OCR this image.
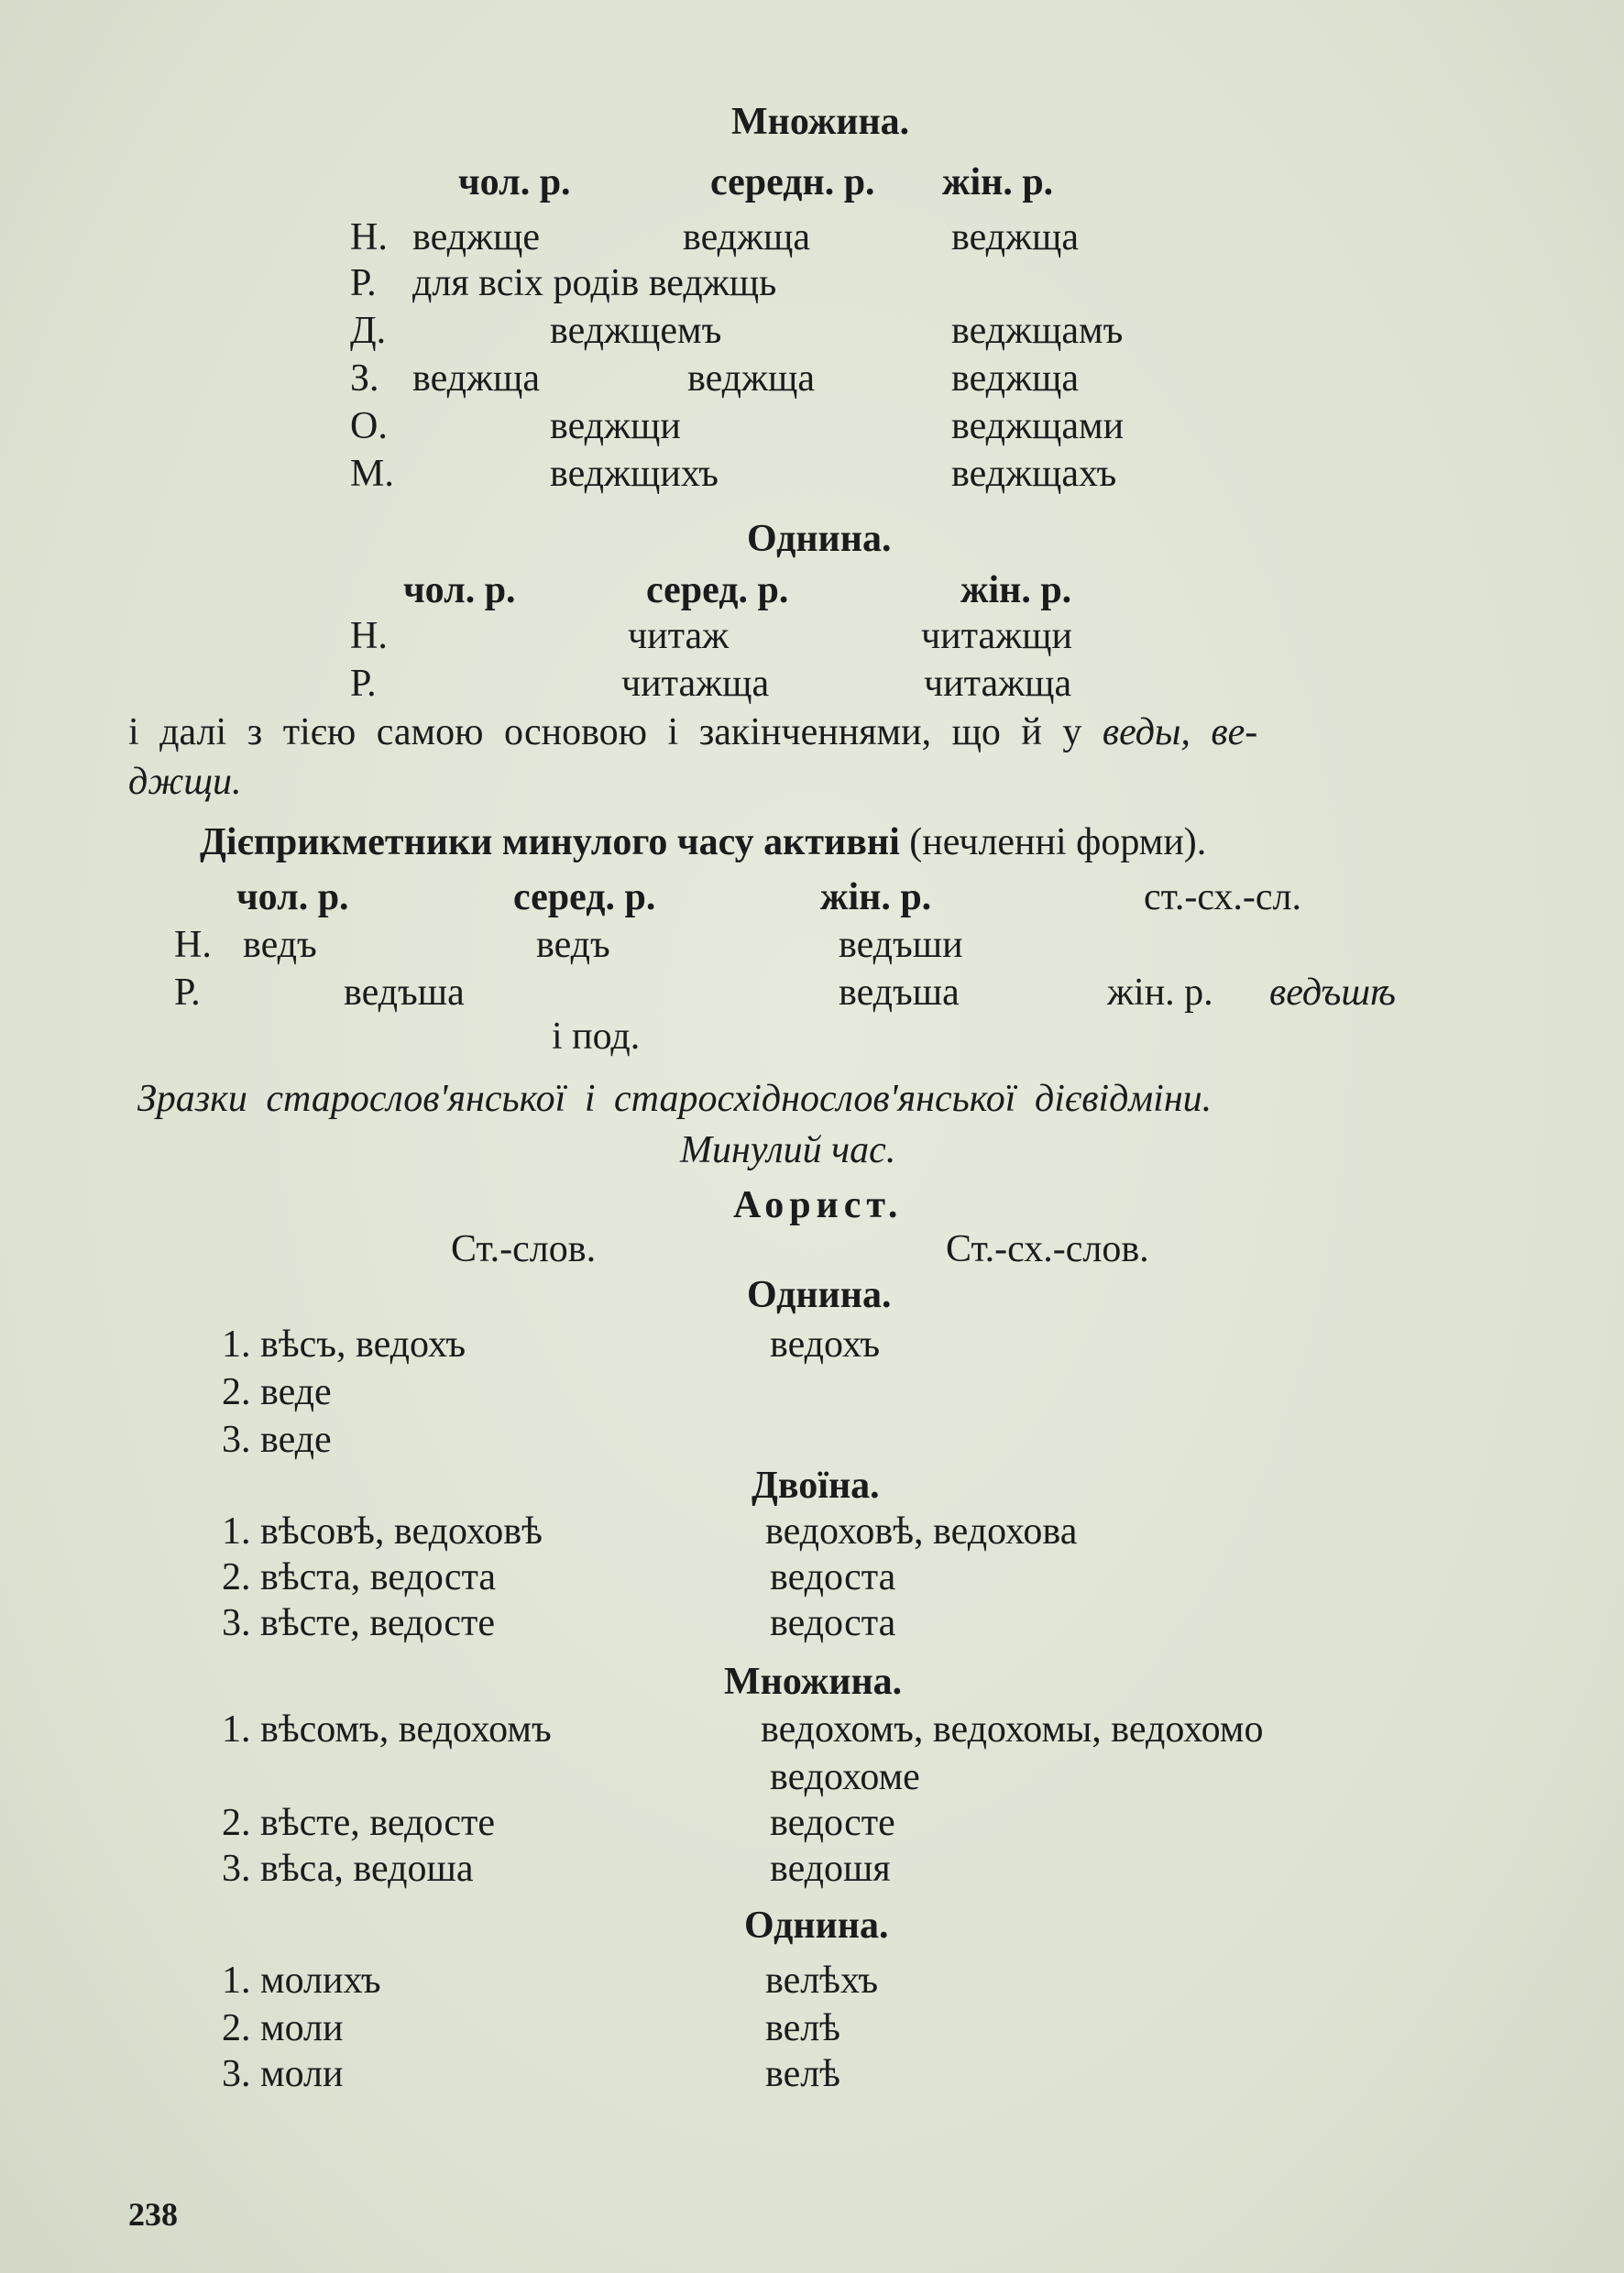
Множина.
чол. р.	середн. р. жін. р.
Н. веджще	веджща	веджща
Р. для всіх родів веджщь
Д.	веджщемъ	веджщамъ
З. веджща	веджща	веджща
О.	веджщи	веджщами
М.	веджщихъ	веджщахъ
Однина.
чол. р.	серед. р.	жін. р.
Н.	читаж	читажщи
Р.	читажща	читажща
і далі з тією самою основою і закінченнями, що й у веды, ве-
джщи.
Дієприкметники минулого часу активні (нечленні форми).
чол. р.	серед. р.	жін. р.	ст.-сх.-сл.
Н. ведъ	ведъ	ведъши
Р.	ведъша	ведъша	жін. р. ведъшѣ
і под.
Зразки старослов'янської і старосхіднослов'янської дієвідміни.
Минулий час.
Аорист.
Ст.-слов.	Ст.-сх.-слов.
Однина.
1. вѣсъ, ведохъ	ведохъ
2. веде
3. веде
Двоїна.
1. вѣсовѣ, ведоховѣ	ведоховѣ, ведохова
2. вѣста, ведоста	ведоста
3. вѣсте, ведосте	ведоста
Множина.
1. вѣсомъ, ведохомъ	ведохомъ, ведохомы, ведохомо
ведохоме
2. вѣсте, ведосте	ведосте
3. вѣса, ведоша	ведошя
Однина.
1. молихъ	велѣхъ
2. моли	велѣ
3. моли	велѣ
238
